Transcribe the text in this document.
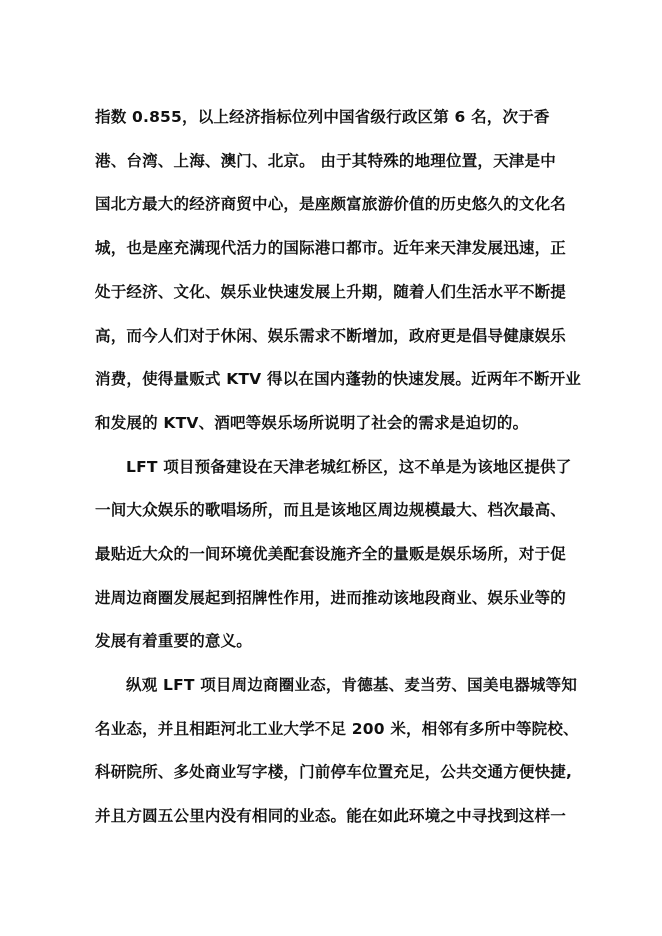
指数 0.855，以上经济指标位列中国省级行政区第 6 名，次于香
港、台湾、上海、澳门、北京。 由于其特殊的地理位置，天津是中
国北方最大的经济商贸中心，是座颇富旅游价值的历史悠久的文化名
城，也是座充满现代活力的国际港口都市。近年来天津发展迅速，正
处于经济、文化、娱乐业快速发展上升期，随着人们生活水平不断提
高，而今人们对于休闲、娱乐需求不断增加，政府更是倡导健康娱乐
消费，使得量贩式 KTV 得以在国内蓬勃的快速发展。近两年不断开业
和发展的 KTV、酒吧等娱乐场所说明了社会的需求是迫切的。
LFT 项目预备建设在天津老城红桥区，这不单是为该地区提供了
一间大众娱乐的歌唱场所，而且是该地区周边规模最大、档次最高、
最贴近大众的一间环境优美配套设施齐全的量贩是娱乐场所，对于促
进周边商圈发展起到招牌性作用，进而推动该地段商业、娱乐业等的
发展有着重要的意义。
纵观 LFT 项目周边商圈业态，肯德基、麦当劳、国美电器城等知
名业态，并且相距河北工业大学不足 200 米，相邻有多所中等院校、
科研院所、多处商业写字楼，门前停车位置充足，公共交通方便快捷,
并且方圆五公里内没有相同的业态。能在如此环境之中寻找到这样一
